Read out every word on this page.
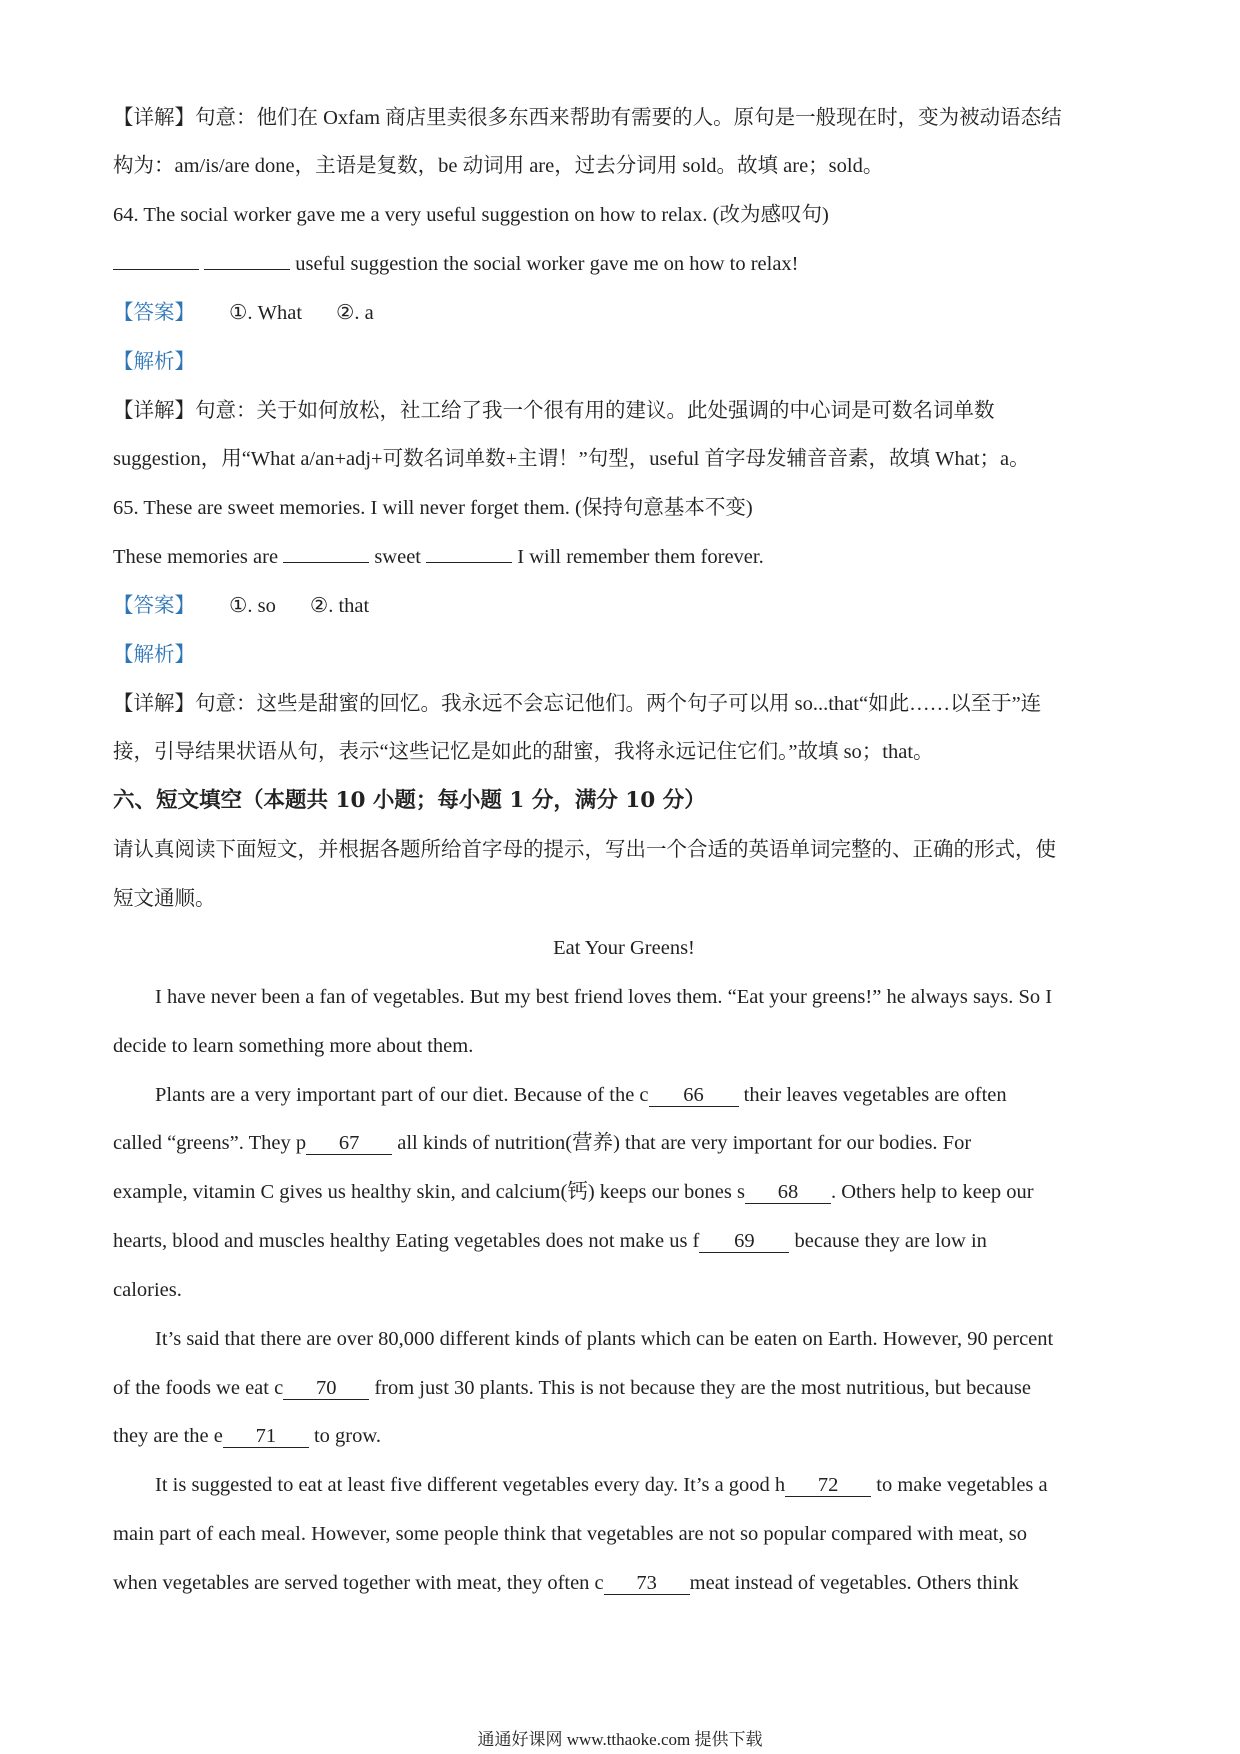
【详解】句意：他们在 Oxfam 商店里卖很多东西来帮助有需要的人。原句是一般现在时，变为被动语态结
构为：am/is/are done，主语是复数，be 动词用 are，过去分词用 sold。故填 are；sold。
64. The social worker gave me a very useful suggestion on how to relax. (改为感叹句)
useful suggestion the social worker gave me on how to relax!
【答案】 ①. What ②. a
【解析】
【详解】句意：关于如何放松，社工给了我一个很有用的建议。此处强调的中心词是可数名词单数
suggestion，用“What a/an+adj+可数名词单数+主谓！”句型，useful 首字母发辅音音素，故填 What；a。
65. These are sweet memories. I will never forget them. (保持句意基本不变)
These memories are	sweet	I will remember them forever.
【答案】 ①. so ②. that
【解析】
【详解】句意：这些是甜蜜的回忆。我永远不会忘记他们。两个句子可以用 so...that“如此……以至于”连
接，引导结果状语从句，表示“这些记忆是如此的甜蜜，我将永远记住它们。”故填 so；that。
六、短文填空（本题共 10 小题；每小题 1 分，满分 10 分）
请认真阅读下面短文，并根据各题所给首字母的提示，写出一个合适的英语单词完整的、正确的形式，使
短文通顺。
Eat Your Greens!
I have never been a fan of vegetables. But my best friend loves them. “Eat your greens!” he always says. So I
decide to learn something more about them.
Plants are a very important part of our diet. Because of the c 66 their leaves vegetables are often
called “greens”. They p 67 all kinds of nutrition(营养) that are very important for our bodies. For
example, vitamin C gives us healthy skin, and calcium(钙) keeps our bones s 68 . Others help to keep our
hearts, blood and muscles healthy Eating vegetables does not make us f 69 because they are low in
calories.
It’s said that there are over 80,000 different kinds of plants which can be eaten on Earth. However, 90 percent
of the foods we eat c 70 from just 30 plants. This is not because they are the most nutritious, but because
they are the e 71 to grow.
It is suggested to eat at least five different vegetables every day. It’s a good h 72 to make vegetables a
main part of each meal. However, some people think that vegetables are not so popular compared with meat, so
when vegetables are served together with meat, they often c 73 meat instead of vegetables. Others think
通通好课网 www.tthaoke.com 提供下载
